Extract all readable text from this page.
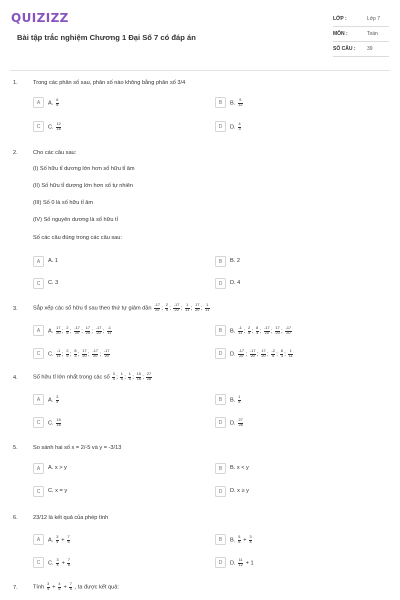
QUIZIZZ
Bài tập trắc nghiệm Chương 1 Đại Số 7 có đáp án
LỚP :	Lớp 7
MÔN :	Toán
SỐ CÂU : 39
1.	Trong các phân số sau, phân số nào không bằng phân số 3/4
A	A. $\frac{6}{8}$	B	B. $\frac{9}{12}$
C	C. $\frac{12}{16}$	D	D. $\frac{4}{3}$
2.	Cho các câu sau:
(I) Số hữu tỉ dương lớn hơn số hữu tỉ âm
(II) Số hữu tỉ dương lớn hơn số tự nhiên
(III) Số 0 là số hữu tỉ âm
(IV) Số nguyên dương là số hữu tỉ
Số các câu đúng trong các câu sau:
A	A. 1	B	B. 2
C	C. 3	D	D. 4
3.	Sắp xếp các số hữu tỉ sau theo thứ tự giảm dần $\frac{-17}{20}$ ; $\frac{2}{5}$ ; $\frac{-17}{20}$ ; $\frac{1}{11}$ ; $\frac{17}{20}$ ; $\frac{1}{11}$
A	A. $\frac{17}{20}$ ; $\frac{2}{5}$ ; $\frac{-17}{20}$ ; $\frac{17}{20}$ ; $\frac{-17}{20}$ ; $\frac{-1}{11}$	B	B. $\frac{-1}{11}$ ; $\frac{2}{5}$ ; $\frac{8}{3}$ ; $\frac{-17}{20}$ ; $\frac{17}{20}$ ; $\frac{-17}{20}$
C	C. $\frac{-1}{11}$ ; $\frac{2}{5}$ ; $\frac{8}{3}$ ; $\frac{17}{20}$ ; $\frac{-17}{20}$ ; $\frac{-17}{20}$	D	D. $\frac{-17}{20}$ ; $\frac{-17}{20}$ ; $\frac{17}{20}$ ; $\frac{-2}{5}$ ; $\frac{8}{3}$ ; $\frac{1}{11}$
4.	Số hữu tỉ lớn nhất trong các số $\frac{3}{4}$ ; $\frac{1}{5}$ ; $\frac{1}{5}$ ; $\frac{15}{16}$ ; $\frac{27}{28}$
A	A. $\frac{3}{4}$	B	B. $\frac{1}{5}$
C	C. $\frac{15}{16}$	D	D. $\frac{27}{28}$
5.	So sánh hai số x = 2/-5 và y = -3/13
A	A. x > y	B	B. x < y
C	C. x = y	D	D. x ≥ y
6.	23/12 là kết quả của phép tính
A	A. $\frac{3}{4} + \frac{7}{6}$	B	B. $\frac{5}{6} + \frac{3}{4}$
C	C. $\frac{3}{4} + \frac{7}{6}$	D	D. $\frac{11}{12} + 1$
7.	Tính $\frac{3}{4} + \frac{4}{5} + \frac{7}{5}$ , ta được kết quả:
